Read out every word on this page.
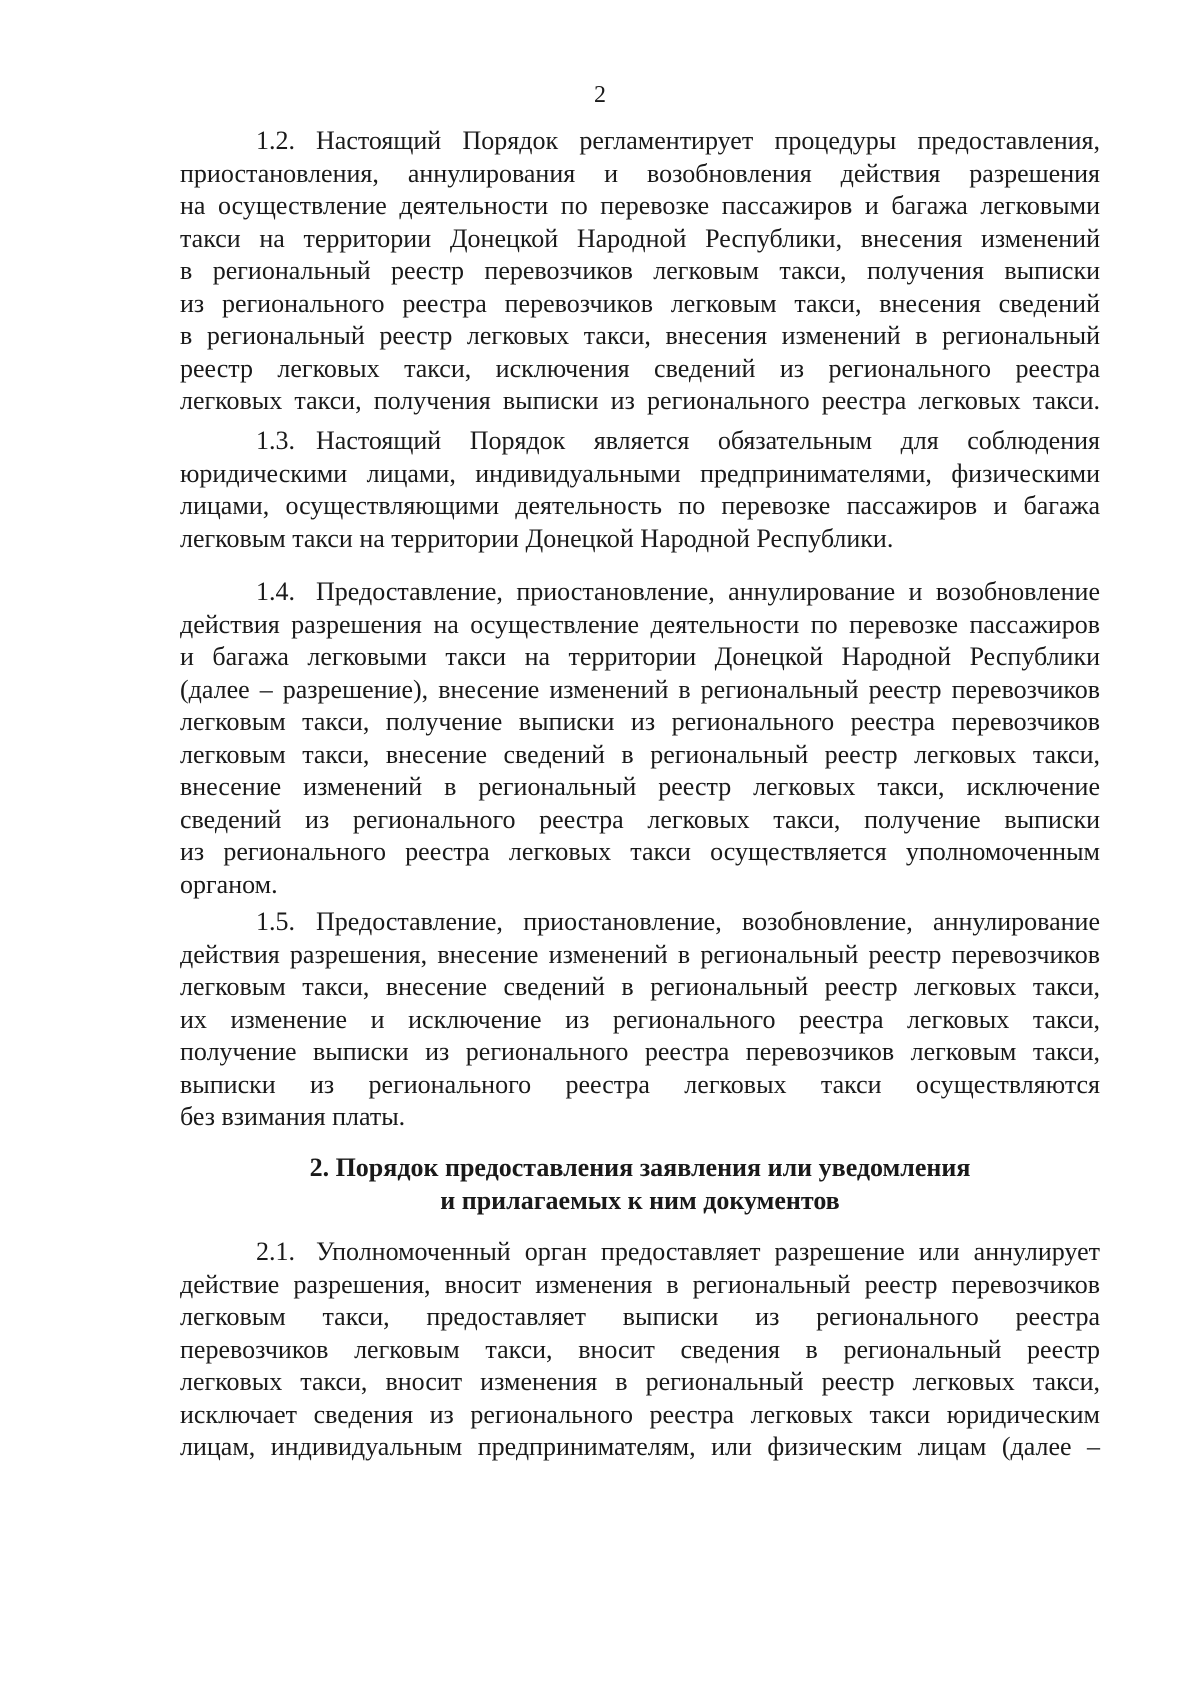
2
1.2. Настоящий Порядок регламентирует процедуры предоставления,
приостановления, аннулирования и возобновления действия разрешения
на осуществление деятельности по перевозке пассажиров и багажа легковыми
такси на территории Донецкой Народной Республики, внесения изменений
в региональный реестр перевозчиков легковым такси, получения выписки
из регионального реестра перевозчиков легковым такси, внесения сведений
в региональный реестр легковых такси, внесения изменений в региональный
реестр легковых такси, исключения сведений из регионального реестра
легковых такси, получения выписки из регионального реестра легковых такси.
1.3. Настоящий Порядок является обязательным для соблюдения
юридическими лицами, индивидуальными предпринимателями, физическими
лицами, осуществляющими деятельность по перевозке пассажиров и багажа
легковым такси на территории Донецкой Народной Республики.
1.4. Предоставление, приостановление, аннулирование и возобновление
действия разрешения на осуществление деятельности по перевозке пассажиров
и багажа легковыми такси на территории Донецкой Народной Республики
(далее – разрешение), внесение изменений в региональный реестр перевозчиков
легковым такси, получение выписки из регионального реестра перевозчиков
легковым такси, внесение сведений в региональный реестр легковых такси,
внесение изменений в региональный реестр легковых такси, исключение
сведений из регионального реестра легковых такси, получение выписки
из регионального реестра легковых такси осуществляется уполномоченным
органом.
1.5. Предоставление, приостановление, возобновление, аннулирование
действия разрешения, внесение изменений в региональный реестр перевозчиков
легковым такси, внесение сведений в региональный реестр легковых такси,
их изменение и исключение из регионального реестра легковых такси,
получение выписки из регионального реестра перевозчиков легковым такси,
выписки из регионального реестра легковых такси осуществляются
без взимания платы.
2. Порядок предоставления заявления или уведомления
и прилагаемых к ним документов
2.1. Уполномоченный орган предоставляет разрешение или аннулирует
действие разрешения, вносит изменения в региональный реестр перевозчиков
легковым такси, предоставляет выписки из регионального реестра
перевозчиков легковым такси, вносит сведения в региональный реестр
легковых такси, вносит изменения в региональный реестр легковых такси,
исключает сведения из регионального реестра легковых такси юридическим
лицам, индивидуальным предпринимателям, или физическим лицам (далее –
